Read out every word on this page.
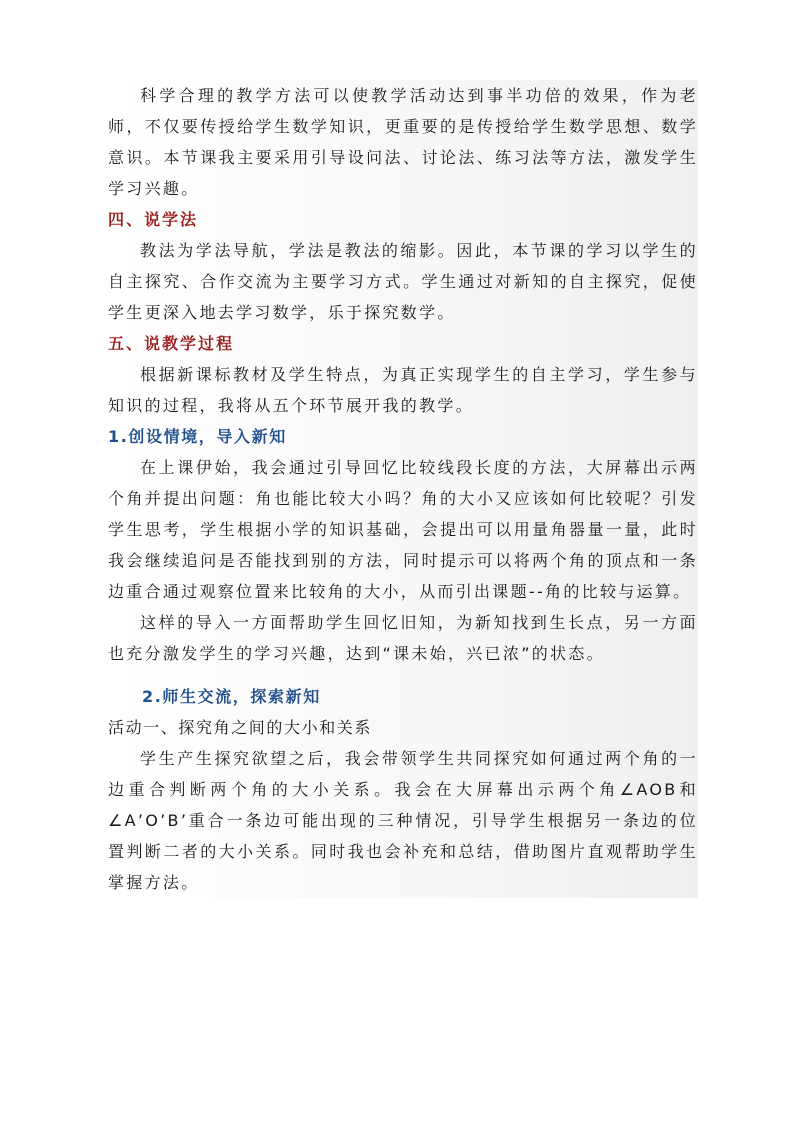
科学合理的教学方法可以使教学活动达到事半功倍的效果，作为老师，不仅要传授给学生数学知识，更重要的是传授给学生数学思想、数学意识。本节课我主要采用引导设问法、讨论法、练习法等方法，激发学生学习兴趣。

四、说学法

教法为学法导航，学法是教法的缩影。因此，本节课的学习以学生的自主探究、合作交流为主要学习方式。学生通过对新知的自主探究，促使学生更深入地去学习数学，乐于探究数学。

五、说教学过程

根据新课标教材及学生特点，为真正实现学生的自主学习，学生参与知识的过程，我将从五个环节展开我的教学。

1.创设情境，导入新知

在上课伊始，我会通过引导回忆比较线段长度的方法，大屏幕出示两个角并提出问题：角也能比较大小吗？角的大小又应该如何比较呢？引发学生思考，学生根据小学的知识基础，会提出可以用量角器量一量，此时我会继续追问是否能找到别的方法，同时提示可以将两个角的顶点和一条边重合通过观察位置来比较角的大小，从而引出课题--角的比较与运算。

这样的导入一方面帮助学生回忆旧知，为新知找到生长点，另一方面也充分激发学生的学习兴趣，达到“课未始，兴已浓”的状态。

2.师生交流，探索新知

活动一、探究角之间的大小和关系

学生产生探究欲望之后，我会带领学生共同探究如何通过两个角的一边重合判断两个角的大小关系。我会在大屏幕出示两个角∠AOB和∠A’O’B’重合一条边可能出现的三种情况，引导学生根据另一条边的位置判断二者的大小关系。同时我也会补充和总结，借助图片直观帮助学生掌握方法。
